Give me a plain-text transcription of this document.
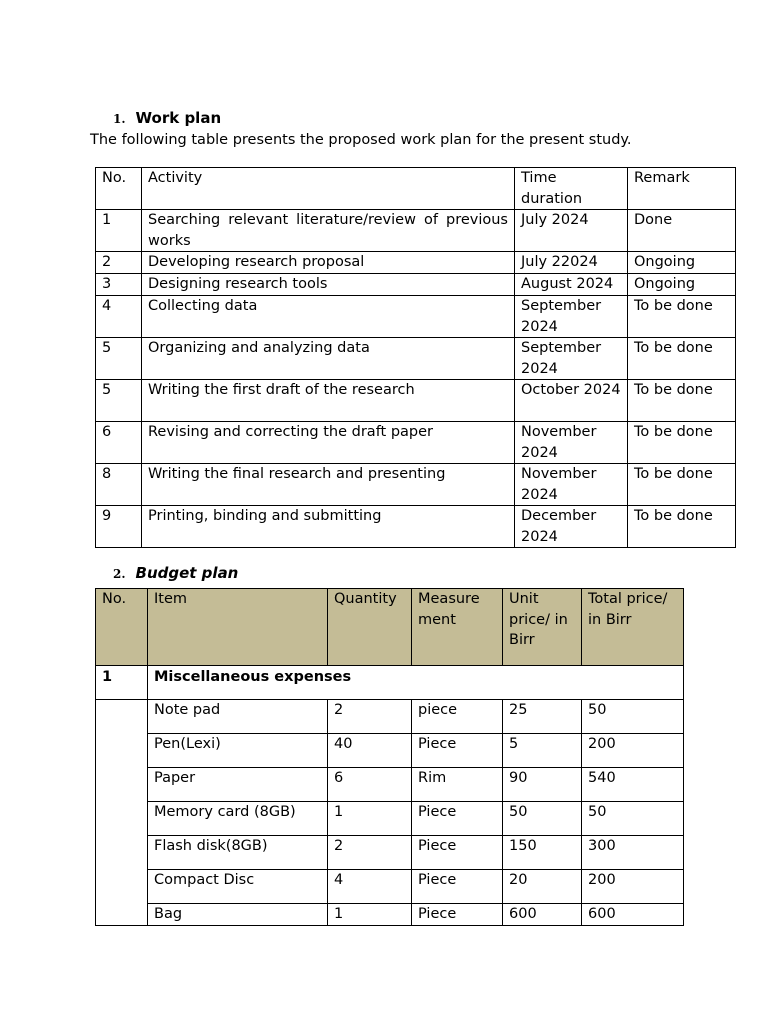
1. Work plan
The following table presents the proposed work plan for the present study.
No.	Activity	Time duration	Remark
1	Searching relevant literature/review of previous works	July 2024	Done
2	Developing research proposal	July 22024	Ongoing
3	Designing research tools	August 2024	Ongoing
4	Collecting data	September 2024	To be done
5	Organizing and analyzing data	September 2024	To be done
5	Writing the first draft of the research	October 2024	To be done
6	Revising and correcting the draft paper	November 2024	To be done
8	Writing the final research and presenting	November 2024	To be done
9	Printing, binding and submitting	December 2024	To be done
2. Budget plan
No.	Item	Quantity	Measure ment	Unit price/ in Birr	Total price/ in Birr
1	Miscellaneous expenses				
	Note pad	2	piece	25	50
	Pen(Lexi)	40	Piece	5	200
	Paper	6	Rim	90	540
	Memory card (8GB)	1	Piece	50	50
	Flash disk(8GB)	2	Piece	150	300
	Compact Disc	4	Piece	20	200
	Bag	1	Piece	600	600
